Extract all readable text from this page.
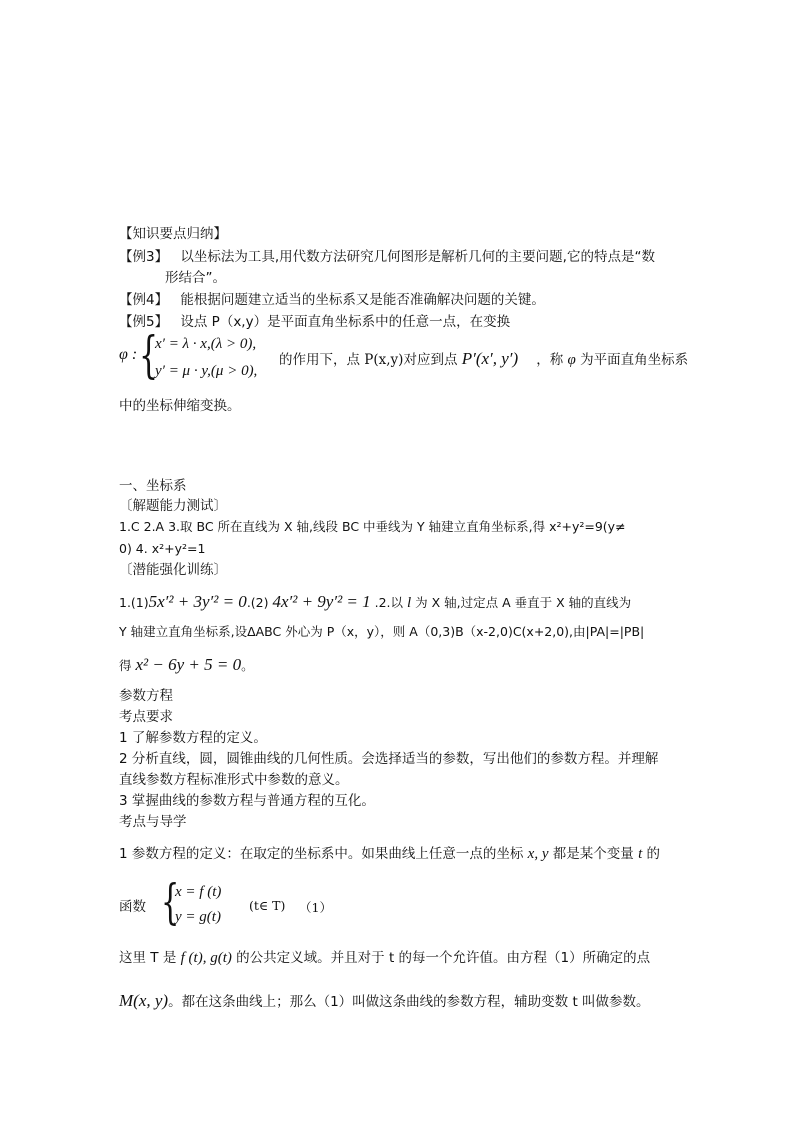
【知识要点归纳】
【例3】 以坐标法为工具,用代数方法研究几何图形是解析几何的主要问题,它的特点是“数
形结合”。
【例4】 能根据问题建立适当的坐标系又是能否准确解决问题的关键。
【例5】 设点 P（x,y）是平面直角坐标系中的任意一点，在变换
φ : {
x′ = λ · x,(λ > 0),
y′ = μ · y,(μ > 0),
的作用下，点 P(x,y)对应到点 P′(x′, y′) ，称 φ 为平面直角坐标系
中的坐标伸缩变换。
一、坐标系
〔解题能力测试〕
1.C 2.A 3.取 BC 所在直线为 X 轴,线段 BC 中垂线为 Y 轴建立直角坐标系,得 x²+y²=9(y≠
0) 4. x²+y²=1
〔潜能强化训练〕
1.(1)5x′² + 3y′² = 0.(2) 4x′² + 9y′² = 1 .2.以 l 为 X 轴,过定点 A 垂直于 X 轴的直线为
Y 轴建立直角坐标系,设ΔABC 外心为 P（x，y），则 A（0,3)B（x-2,0)C(x+2,0),由|PA|=|PB|
得 x² − 6y + 5 = 0。
参数方程
考点要求
1 了解参数方程的定义。
2 分析直线，圆，圆锥曲线的几何性质。会选择适当的参数，写出他们的参数方程。并理解
直线参数方程标准形式中参数的意义。
3 掌握曲线的参数方程与普通方程的互化。
考点与导学
1 参数方程的定义：在取定的坐标系中。如果曲线上任意一点的坐标 x, y 都是某个变量 t 的
函数 {
x = f (t)
y = g(t)
(t∈ T) （1）
这里 T 是 f (t), g(t) 的公共定义域。并且对于 t 的每一个允许值。由方程（1）所确定的点
M(x, y)。都在这条曲线上；那么（1）叫做这条曲线的参数方程，辅助变数 t 叫做参数。
